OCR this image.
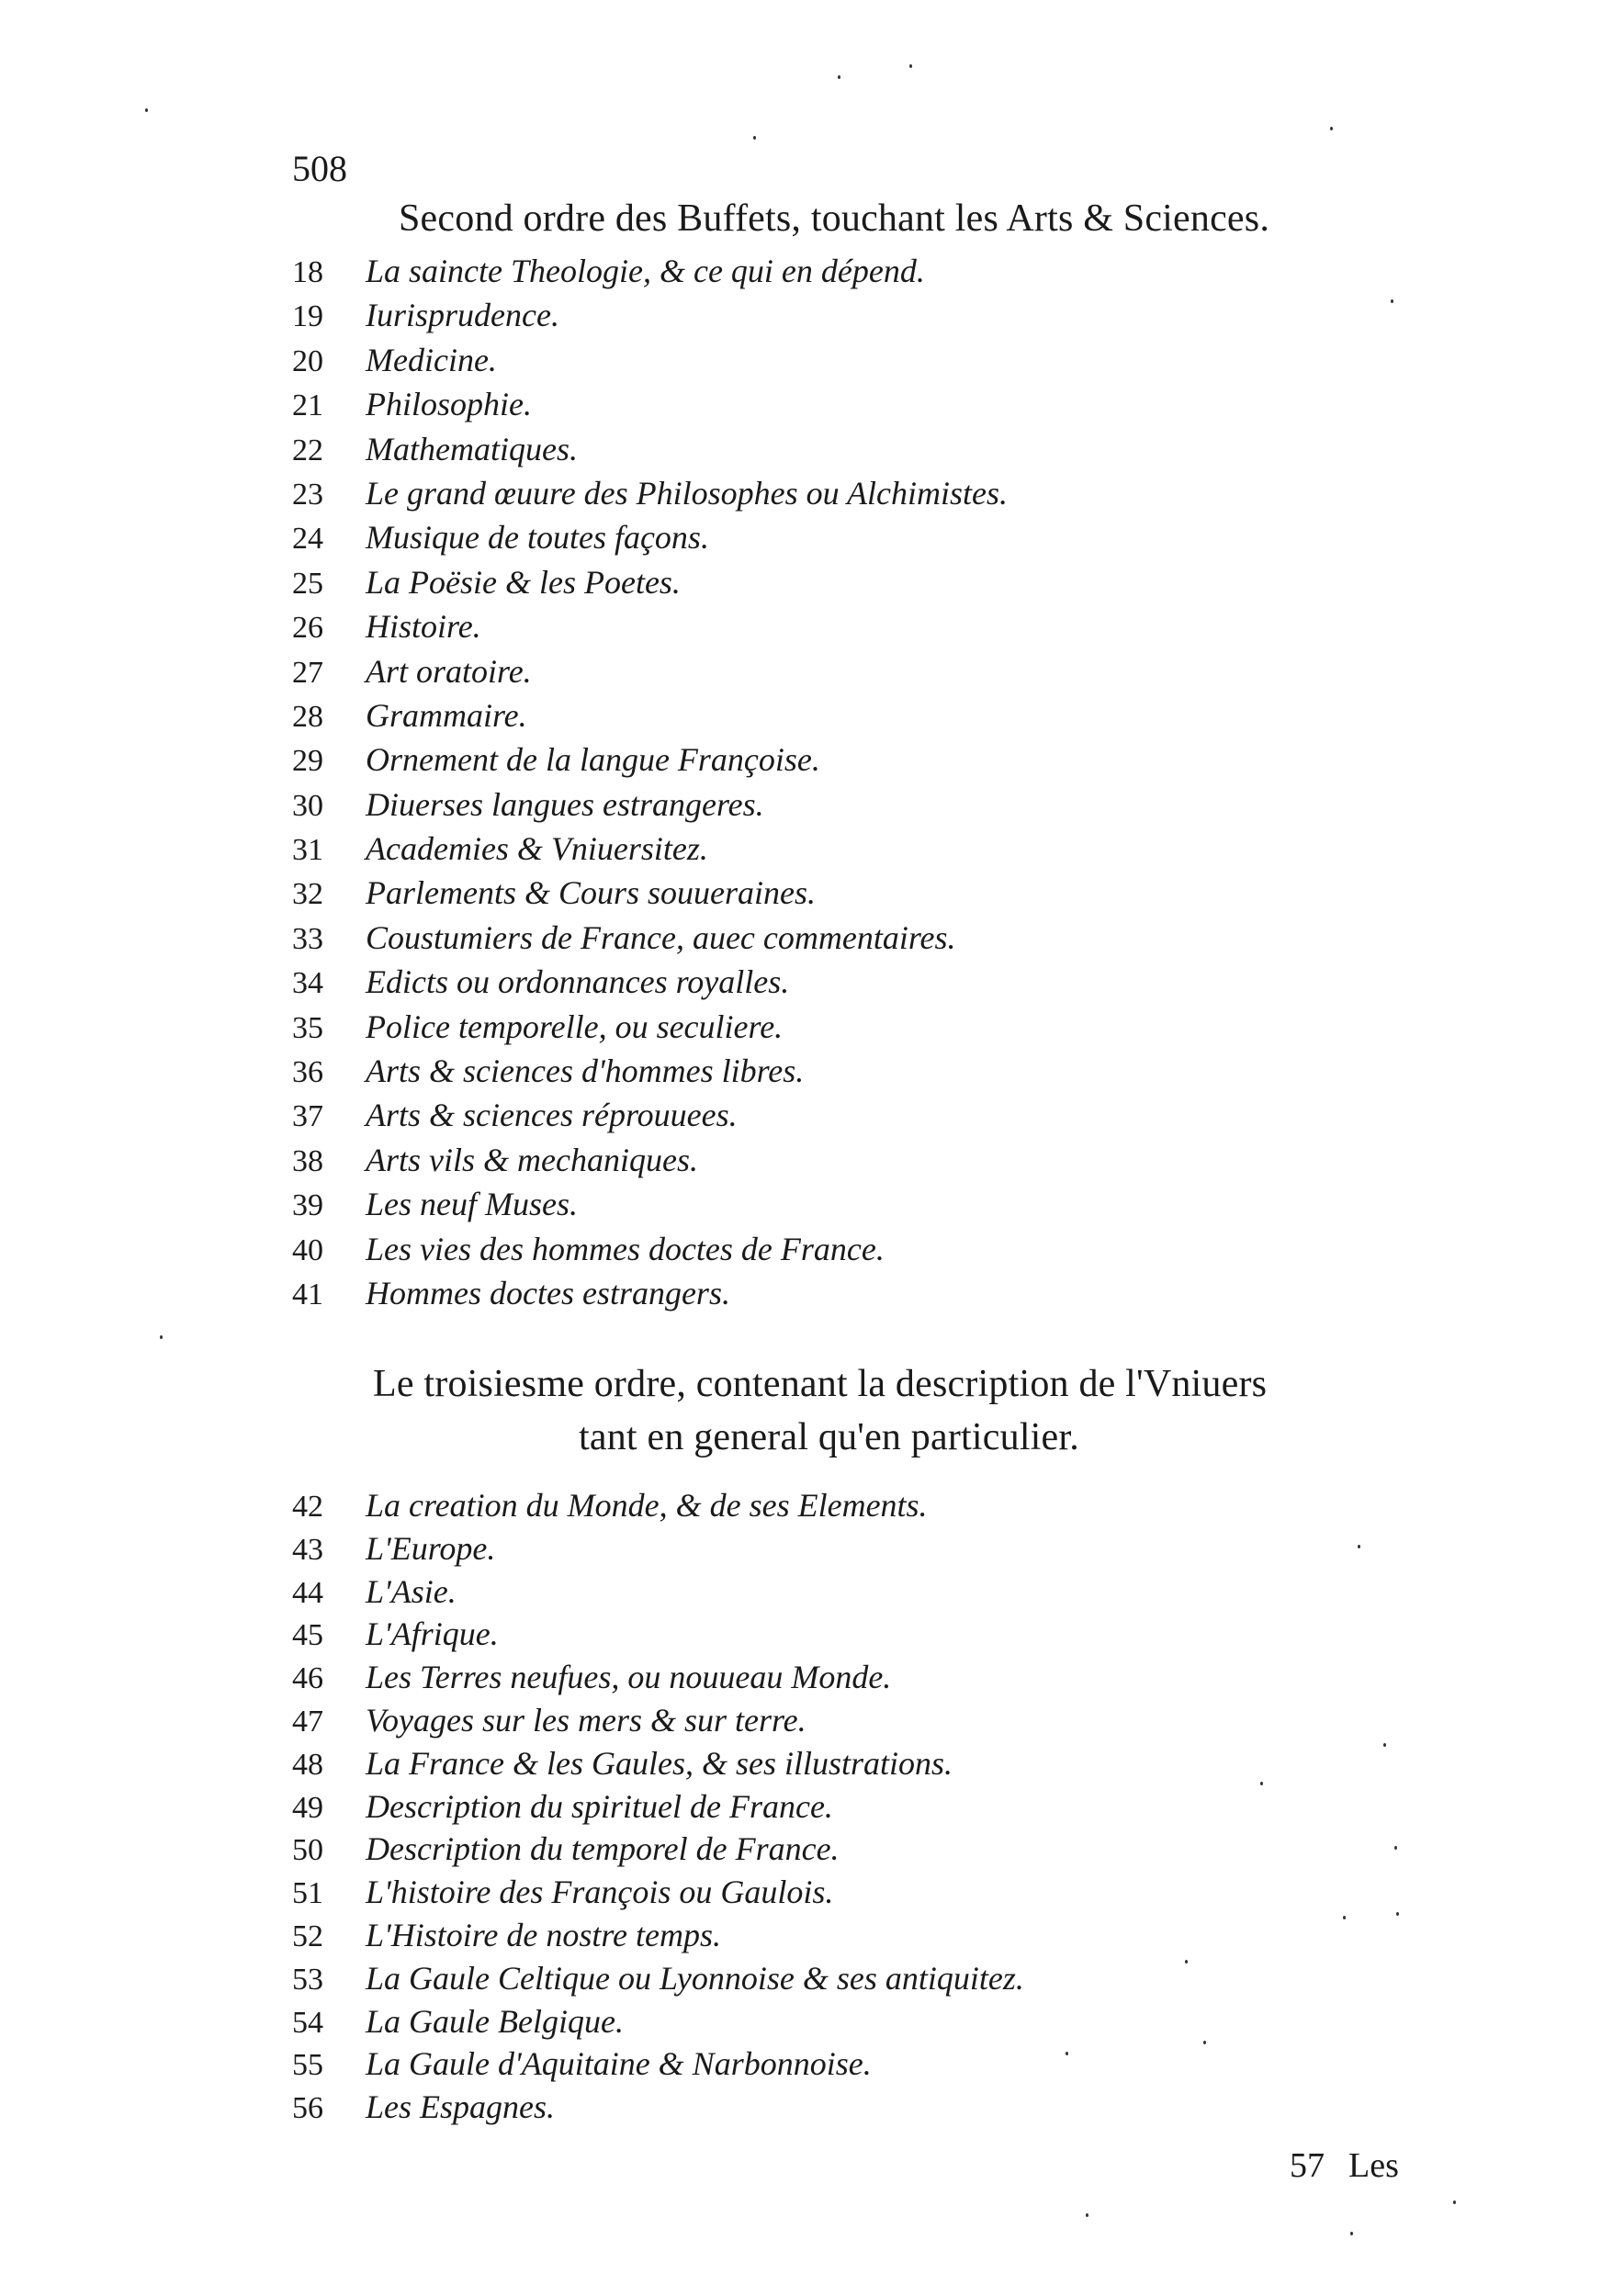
508
Second ordre des Buffets, touchant les Arts & Sciences.
18 La saincte Theologie, & ce qui en dépend.
19 Iurisprudence.
20 Medicine.
21 Philosophie.
22 Mathematiques.
23 Le grand œuure des Philosophes ou Alchimistes.
24 Musique de toutes façons.
25 La Poësie & les Poetes.
26 Histoire.
27 Art oratoire.
28 Grammaire.
29 Ornement de la langue Françoise.
30 Diuerses langues estrangeres.
31 Academies & Vniuersitez.
32 Parlements & Cours souueraines.
33 Coustumiers de France, auec commentaires.
34 Edicts ou ordonnances royalles.
35 Police temporelle, ou seculiere.
36 Arts & sciences d'hommes libres.
37 Arts & sciences réprouuees.
38 Arts vils & mechaniques.
39 Les neuf Muses.
40 Les vies des hommes doctes de France.
41 Hommes doctes estrangers.
Le troisiesme ordre, contenant la description de l'Vniuers
tant en general qu'en particulier.
42 La creation du Monde, & de ses Elements.
43 L'Europe.
44 L'Asie.
45 L'Afrique.
46 Les Terres neufues, ou nouueau Monde.
47 Voyages sur les mers & sur terre.
48 La France & les Gaules, & ses illustrations.
49 Description du spirituel de France.
50 Description du temporel de France.
51 L'histoire des François ou Gaulois.
52 L'Histoire de nostre temps.
53 La Gaule Celtique ou Lyonnoise & ses antiquitez.
54 La Gaule Belgique.
55 La Gaule d'Aquitaine & Narbonnoise.
56 Les Espagnes.
57 Les
